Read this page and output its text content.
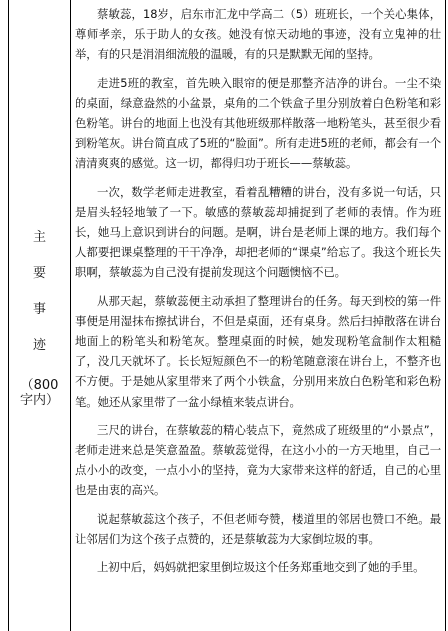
主
要
事
迹
（800
字内）

蔡敏蕊，18岁，启东市汇龙中学高二（5）班班长，一个关心集体，尊师孝亲，乐于助人的女孩。她没有惊天动地的事迹，没有立鬼神的壮举，有的只是涓涓细流般的温暖，有的只是默默无闻的坚持。

走进5班的教室，首先映入眼帘的便是那整齐洁净的讲台。一尘不染的桌面，绿意盎然的小盆景，桌角的二个铁盒子里分别放着白色粉笔和彩色粉笔。讲台的地面上也没有其他班级那样散落一地粉笔头，甚至很少看到粉笔灰。讲台简直成了5班的“脸面”。所有走进5班的老师，都会有一个清清爽爽的感觉。这一切，都得归功于班长——蔡敏蕊。

一次，数学老师走进教室，看着乱糟糟的讲台，没有多说一句话，只是眉头轻轻地皱了一下。敏感的蔡敏蕊却捕捉到了老师的表情。作为班长，她马上意识到讲台的问题。是啊，讲台是老师上课的地方。我们每个人都要把课桌整理的干干净净，却把老师的“课桌”给忘了。我这个班长失职啊，蔡敏蕊为自己没有提前发现这个问题懊恼不已。

从那天起，蔡敏蕊便主动承担了整理讲台的任务。每天到校的第一件事便是用湿抹布擦拭讲台，不但是桌面，还有桌身。然后扫掉散落在讲台地面上的粉笔头和粉笔灰。整理桌面的时候，她发现粉笔盒制作太粗糙了，没几天就坏了。长长短短颜色不一的粉笔随意滚在讲台上，不整齐也不方便。于是她从家里带来了两个小铁盒，分别用来放白色粉笔和彩色粉笔。她还从家里带了一盆小绿植来装点讲台。

三尺的讲台，在蔡敏蕊的精心装点下，竟然成了班级里的“小景点”，老师走进来总是笑意盈盈。蔡敏蕊觉得，在这小小的一方天地里，自己一点小小的改变，一点小小的坚持，竟为大家带来这样的舒适，自己的心里也是由衷的高兴。

说起蔡敏蕊这个孩子，不但老师夸赞，楼道里的邻居也赞口不绝。最让邻居们为这个孩子点赞的，还是蔡敏蕊为大家倒垃圾的事。

上初中后，妈妈就把家里倒垃圾这个任务郑重地交到了她的手里。
